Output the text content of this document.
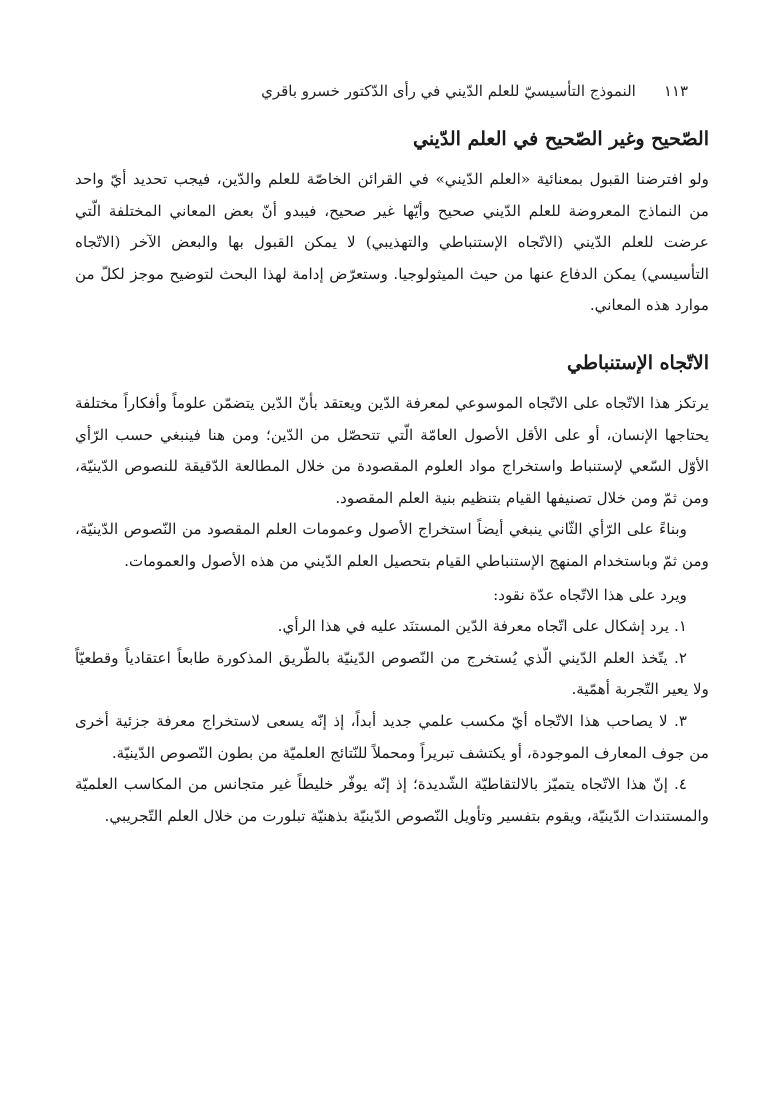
١١٣
النموذج التأسيسيّ للعلم الدّيني في رأى الدّكتور خسرو باقري
الصّحيح وغير الصّحيح في العلم الدّيني

ولو افترضنا القبول بمعنائية «العلم الدّيني» في القرائن الخاصّة للعلم والدّين، فيجب تحديد أيّ واحد من النماذج المعروضة للعلم الدّيني صحيح وأيّها غير صحيح، فيبدو أنّ بعض المعاني المختلفة الّتي عرضت للعلم الدّيني (الاتّجاه الإستنباطي والتهذيبي) لا يمكن القبول بها والبعض الآخر (الاتّجاه التأسيسي) يمكن الدفاع عنها من حيث الميثولوجيا. وستعرّض إدامة لهذا البحث لتوضيح موجز لكلّ من موارد هذه المعاني.

الاتّجاه الإستنباطي

يرتكز هذا الاتّجاه على الاتّجاه الموسوعي لمعرفة الدّين ويعتقد بأنّ الدّين يتضمّن علوماً وأفكاراً مختلفة يحتاجها الإنسان، أو على الأقل الأصول العامّة الّتي تتحصّل من الدّين؛ ومن هنا فينبغي حسب الرّأي الأوّل السّعي لإستنباط واستخراج مواد العلوم المقصودة من خلال المطالعة الدّقيقة للنصوص الدّينيّة، ومن ثمّ ومن خلال تصنيفها القيام بتنظيم بنية العلم المقصود.

وبناءً على الرّأي الثّاني ينبغي أيضاً استخراج الأصول وعمومات العلم المقصود من النّصوص الدّينيّة، ومن ثمّ وباستخدام المنهج الإستنباطي القيام بتحصيل العلم الدّيني من هذه الأصول والعمومات.

ويرد على هذا الاتّجاه عدّة نقود:

١. يرد إشكال على اتّجاه معرفة الدّين المستنَد عليه في هذا الرأي.

٢. يتّخذ العلم الدّيني الّذي يُستخرج من النّصوص الدّينيّة بالطّريق المذكورة طابعاً اعتقادياً وقطعيّاً ولا يعير التّجربة أهمّية.

٣. لا يصاحب هذا الاتّجاه أيّ مكسب علمي جديد أبداً، إذ إنّه يسعى لاستخراج معرفة جزئية أخرى من جوف المعارف الموجودة، أو يكتشف تبريراً ومحملاً للنّتائج العلميّة من بطون النّصوص الدّينيّة.

٤. إنّ هذا الاتّجاه يتميّز بالالتقاطيّة الشّديدة؛ إذ إنّه يوفّر خليطاً غير متجانس من المكاسب العلميّة والمستندات الدّينيّة، ويقوم بتفسير وتأويل النّصوص الدّينيّة بذهنيّة تبلورت من خلال العلم التّجريبي.
